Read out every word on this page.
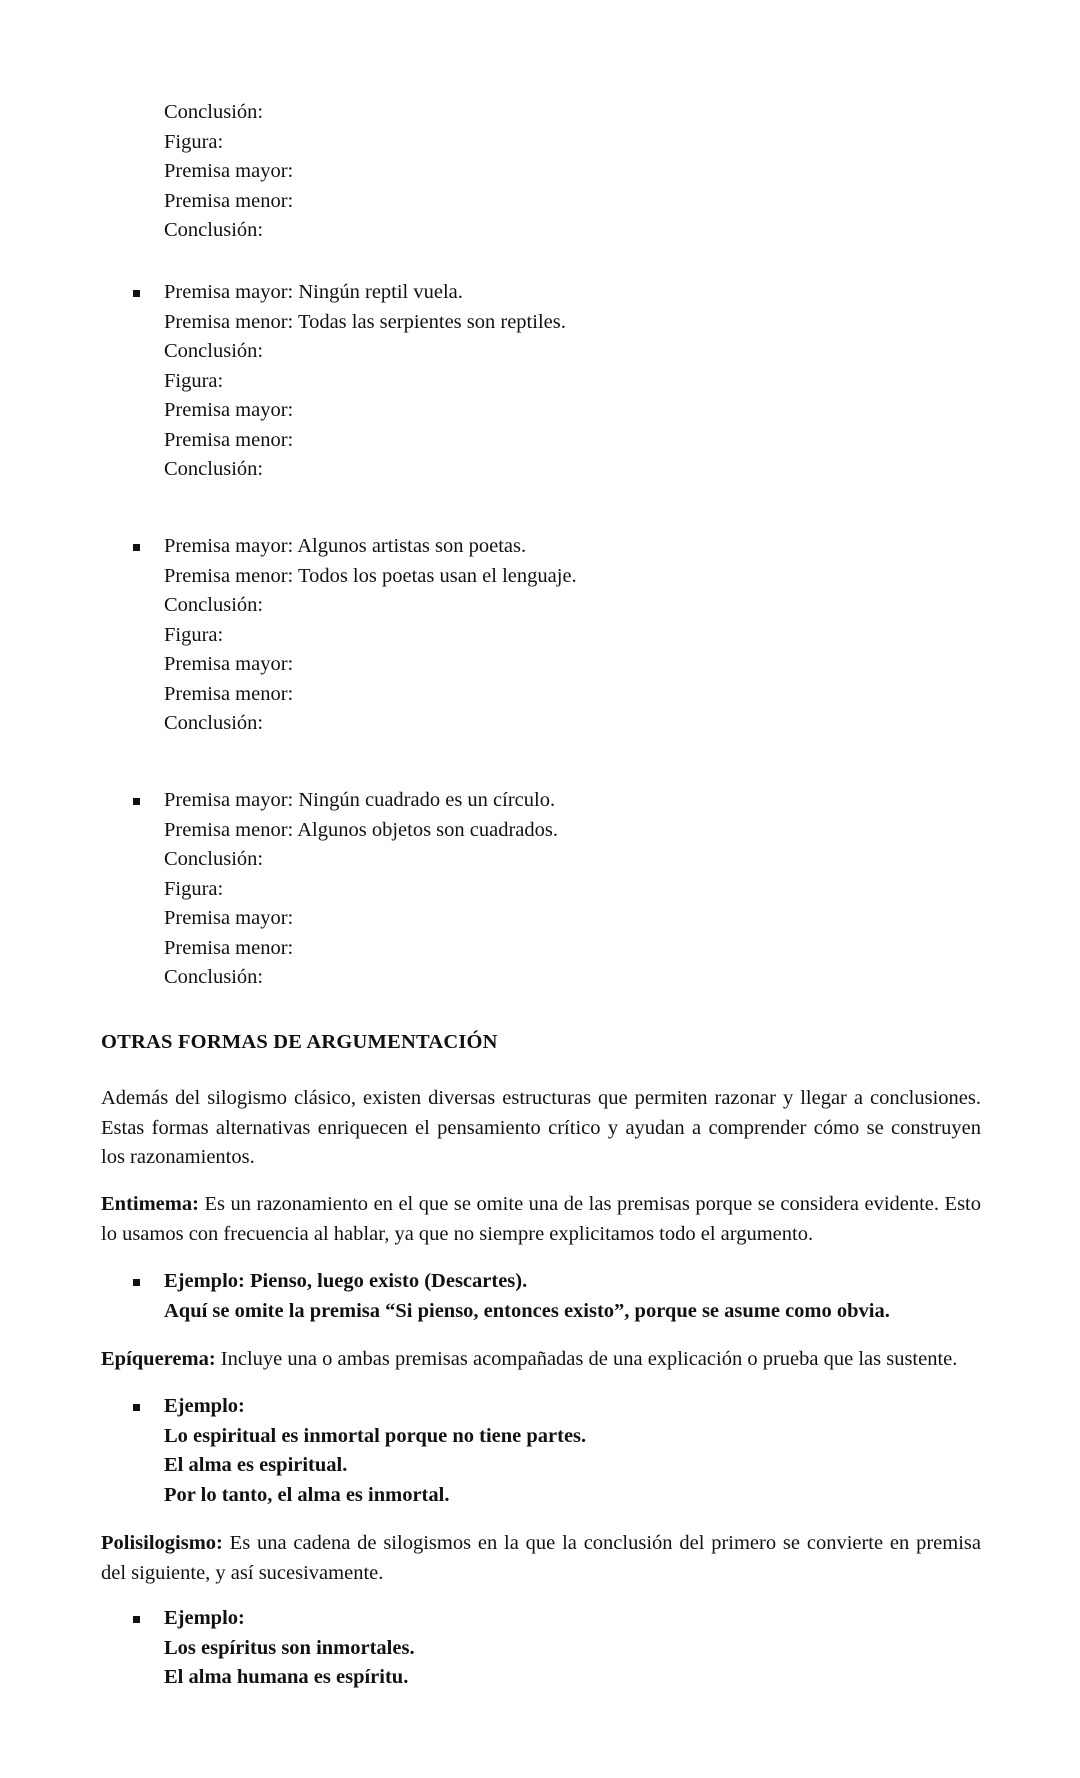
Conclusión:
Figura:
Premisa mayor:
Premisa menor:
Conclusión:
Premisa mayor: Ningún reptil vuela.
Premisa menor: Todas las serpientes son reptiles.
Conclusión:
Figura:
Premisa mayor:
Premisa menor:
Conclusión:
Premisa mayor: Algunos artistas son poetas.
Premisa menor: Todos los poetas usan el lenguaje.
Conclusión:
Figura:
Premisa mayor:
Premisa menor:
Conclusión:
Premisa mayor: Ningún cuadrado es un círculo.
Premisa menor: Algunos objetos son cuadrados.
Conclusión:
Figura:
Premisa mayor:
Premisa menor:
Conclusión:
OTRAS FORMAS DE ARGUMENTACIÓN
Además del silogismo clásico, existen diversas estructuras que permiten razonar y llegar a conclusiones. Estas formas alternativas enriquecen el pensamiento crítico y ayudan a comprender cómo se construyen los razonamientos.
Entimema: Es un razonamiento en el que se omite una de las premisas porque se considera evidente. Esto lo usamos con frecuencia al hablar, ya que no siempre explicitamos todo el argumento.
Ejemplo: Pienso, luego existo (Descartes).
Aquí se omite la premisa “Si pienso, entonces existo”, porque se asume como obvia.
Epíquerema: Incluye una o ambas premisas acompañadas de una explicación o prueba que las sustente.
Ejemplo:
Lo espiritual es inmortal porque no tiene partes.
El alma es espiritual.
Por lo tanto, el alma es inmortal.
Polisilogismo: Es una cadena de silogismos en la que la conclusión del primero se convierte en premisa del siguiente, y así sucesivamente.
Ejemplo:
Los espíritus son inmortales.
El alma humana es espíritu.
